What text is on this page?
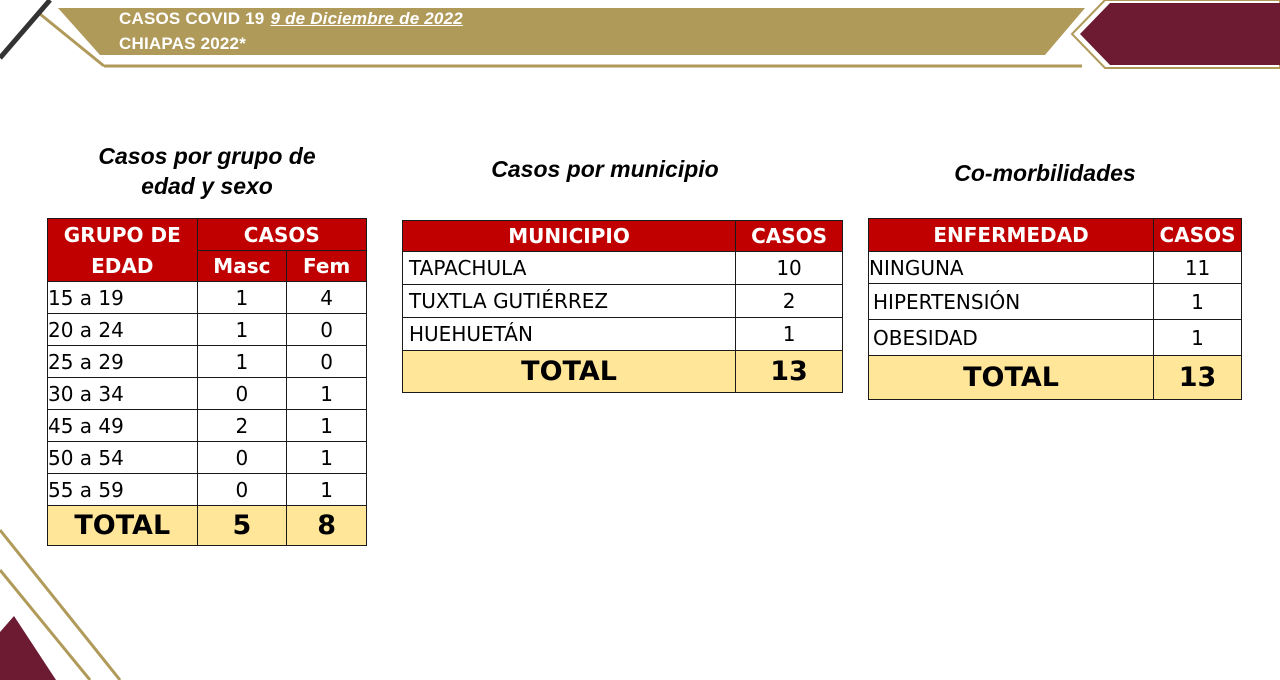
CASOS COVID 19 9 de Diciembre de 2022
CHIAPAS 2022*
Casos por grupo de
edad y sexo
Casos por municipio	Co-morbilidades
GRUPO DE	CASOS	
EDAD	Masc	Fem
15 a 19	1	4
20 a 24	1	0
25 a 29	1	0
30 a 34	0	1
45 a 49	2	1
50 a 54	0	1
55 a 59	0	1
TOTAL	5	8
MUNICIPIO	CASOS
TAPACHULA	10
TUXTLA GUTIÉRREZ	2
HUEHUETÁN	1
TOTAL	13
ENFERMEDAD	CASOS
NINGUNA	11
HIPERTENSIÓN	1
OBESIDAD	1
TOTAL	13
